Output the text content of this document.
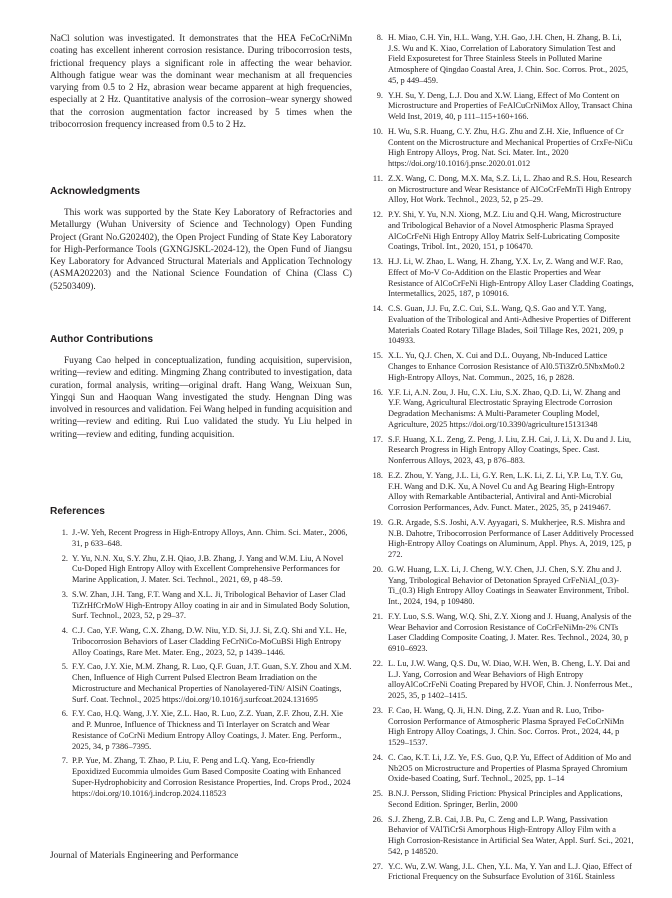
NaCl solution was investigated. It demonstrates that the HEA FeCoCrNiMn coating has excellent inherent corrosion resistance. During tribocorrosion tests, frictional frequency plays a significant role in affecting the wear behavior. Although fatigue wear was the dominant wear mechanism at all frequencies varying from 0.5 to 2 Hz, abrasion wear became apparent at high frequencies, especially at 2 Hz. Quantitative analysis of the corrosion–wear synergy showed that the corrosion augmentation factor increased by 5 times when the tribocorrosion frequency increased from 0.5 to 2 Hz.

Acknowledgments

This work was supported by the State Key Laboratory of Refractories and Metallurgy (Wuhan University of Science and Technology) Open Funding Project (Grant No.G202402), the Open Project Funding of State Key Laboratory for High-Performance Tools (GXNGJSKL-2024-12), the Open Fund of Jiangsu Key Laboratory for Advanced Structural Materials and Application Technology (ASMA202203) and the National Science Foundation of China (Class C) (52503409).

Author Contributions

Fuyang Cao helped in conceptualization, funding acquisition, supervision, writing—review and editing. Mingming Zhang contributed to investigation, data curation, formal analysis, writing—original draft. Hang Wang, Weixuan Sun, Yingqi Sun and Haoquan Wang investigated the study. Hengnan Ding was involved in resources and validation. Fei Wang helped in funding acquisition and writing—review and editing. Rui Luo validated the study. Yu Liu helped in writing—review and editing, funding acquisition.

References
1. J.-W. Yeh, Recent Progress in High-Entropy Alloys, Ann. Chim. Sci. Mater., 2006, 31, p 633–648.
2. Y. Yu, N.N. Xu, S.Y. Zhu, Z.H. Qiao, J.B. Zhang, J. Yang and W.M. Liu, A Novel Cu-Doped High Entropy Alloy with Excellent Comprehensive Performances for Marine Application, J. Mater. Sci. Technol., 2021, 69, p 48–59.
3. S.W. Zhan, J.H. Tang, F.T. Wang and X.L. Ji, Tribological Behavior of Laser Clad TiZrHfCrMoW High-Entropy Alloy coating in air and in Simulated Body Solution, Surf. Technol., 2023, 52, p 29–37.
4. C.J. Cao, Y.F. Wang, C.X. Zhang, D.W. Niu, Y.D. Si, J.J. Si, Z.Q. Shi and Y.L. He, Tribocorrosion Behaviors of Laser Cladding FeCrNiCo-MoCuBSi High Entropy Alloy Coatings, Rare Met. Mater. Eng., 2023, 52, p 1439–1446.
5. F.Y. Cao, J.Y. Xie, M.M. Zhang, R. Luo, Q.F. Guan, J.T. Guan, S.Y. Zhou and X.M. Chen, Influence of High Current Pulsed Electron Beam Irradiation on the Microstructure and Mechanical Properties of Nanolayered-TiN/ AlSiN Coatings, Surf. Coat. Technol., 2025 https://doi.org/10.1016/j.surfcoat.2024.131695
6. F.Y. Cao, H.Q. Wang, J.Y. Xie, Z.L. Hao, R. Luo, Z.Z. Yuan, Z.F. Zhou, Z.H. Xie and P. Munroe, Influence of Thickness and Ti Interlayer on Scratch and Wear Resistance of CoCrNi Medium Entropy Alloy Coatings, J. Mater. Eng. Perform., 2025, 34, p 7386–7395.
7. P.P. Yue, M. Zhang, T. Zhao, P. Liu, F. Peng and L.Q. Yang, Eco-friendly Epoxidized Eucommia ulmoides Gum Based Composite Coating with Enhanced Super-Hydrophobicity and Corrosion Resistance Properties, Ind. Crops Prod., 2024 https://doi.org/10.1016/j.indcrop.2024.118523
8. H. Miao, C.H. Yin, H.L. Wang, Y.H. Gao, J.H. Chen, H. Zhang, B. Li, J.S. Wu and K. Xiao, Correlation of Laboratory Simulation Test and Field Exposuretest for Three Stainless Steels in Polluted Marine Atmosphere of Qingdao Coastal Area, J. Chin. Soc. Corros. Prot., 2025, 45, p 449–459.
9. Y.H. Su, Y. Deng, L.J. Dou and X.W. Liang, Effect of Mo Content on Microstructure and Properties of FeAlCuCrNiMox Alloy, Transact China Weld Inst, 2019, 40, p 111–115+160+166.
10. H. Wu, S.R. Huang, C.Y. Zhu, H.G. Zhu and Z.H. Xie, Influence of Cr Content on the Microstructure and Mechanical Properties of CrxFe-NiCu High Entropy Alloys, Prog. Nat. Sci. Mater. Int., 2020 https://doi.org/10.1016/j.pnsc.2020.01.012
11. Z.X. Wang, C. Dong, M.X. Ma, S.Z. Li, L. Zhao and R.S. Hou, Research on Microstructure and Wear Resistance of AlCoCrFeMnTi High Entropy Alloy, Hot Work. Technol., 2023, 52, p 25–29.
12. P.Y. Shi, Y. Yu, N.N. Xiong, M.Z. Liu and Q.H. Wang, Microstructure and Tribological Behavior of a Novel Atmospheric Plasma Sprayed AlCoCrFeNi High Entropy Alloy Matrix Self-Lubricating Composite Coatings, Tribol. Int., 2020, 151, p 106470.
13. H.J. Li, W. Zhao, L. Wang, H. Zhang, Y.X. Lv, Z. Wang and W.F. Rao, Effect of Mo-V Co-Addition on the Elastic Properties and Wear Resistance of AlCoCrFeNi High-Entropy Alloy Laser Cladding Coatings, Intermetallics, 2025, 187, p 109016.
14. C.S. Guan, J.J. Fu, Z.C. Cui, S.L. Wang, Q.S. Gao and Y.T. Yang, Evaluation of the Tribological and Anti-Adhesive Properties of Different Materials Coated Rotary Tillage Blades, Soil Tillage Res, 2021, 209, p 104933.
15. X.L. Yu, Q.J. Chen, X. Cui and D.L. Ouyang, Nb-Induced Lattice Changes to Enhance Corrosion Resistance of Al0.5Ti3Zr0.5NbxMo0.2 High-Entropy Alloys, Nat. Commun., 2025, 16, p 2828.
16. Y.F. Li, A.N. Zou, J. Hu, C.X. Liu, S.X. Zhao, Q.D. Li, W. Zhang and Y.F. Wang, Agricultural Electrostatic Spraying Electrode Corrosion Degradation Mechanisms: A Multi-Parameter Coupling Model, Agriculture, 2025 https://doi.org/10.3390/agriculture15131348
17. S.F. Huang, X.L. Zeng, Z. Peng, J. Liu, Z.H. Cai, J. Li, X. Du and J. Liu, Research Progress in High Entropy Alloy Coatings, Spec. Cast. Nonferrous Alloys, 2023, 43, p 876–883.
18. E.Z. Zhou, Y. Yang, J.L. Li, G.Y. Ren, L.K. Li, Z. Li, Y.P. Lu, T.Y. Gu, F.H. Wang and D.K. Xu, A Novel Cu and Ag Bearing High-Entropy Alloy with Remarkable Antibacterial, Antiviral and Anti-Microbial Corrosion Performances, Adv. Funct. Mater., 2025, 35, p 2419467.
19. G.R. Argade, S.S. Joshi, A.V. Ayyagari, S. Mukherjee, R.S. Mishra and N.B. Dahotre, Tribocorrosion Performance of Laser Additively Processed High-Entropy Alloy Coatings on Aluminum, Appl. Phys. A, 2019, 125, p 272.
20. G.W. Huang, L.X. Li, J. Cheng, W.Y. Chen, J.J. Chen, S.Y. Zhu and J. Yang, Tribological Behavior of Detonation Sprayed CrFeNiAl_(0.3)-Ti_(0.3) High Entropy Alloy Coatings in Seawater Environment, Tribol. Int., 2024, 194, p 109480.
21. F.Y. Luo, S.S. Wang, W.Q. Shi, Z.Y. Xiong and J. Huang, Analysis of the Wear Behavior and Corrosion Resistance of CoCrFeNiMn-2% CNTs Laser Cladding Composite Coating, J. Mater. Res. Technol., 2024, 30, p 6910–6923.
22. L. Lu, J.W. Wang, Q.S. Du, W. Diao, W.H. Wen, B. Cheng, L.Y. Dai and L.J. Yang, Corrosion and Wear Behaviors of High Entropy alloyAlCoCrFeNi Coating Prepared by HVOF, Chin. J. Nonferrous Met., 2025, 35, p 1402–1415.
23. F. Cao, H. Wang, Q. Ji, H.N. Ding, Z.Z. Yuan and R. Luo, Tribo-Corrosion Performance of Atmospheric Plasma Sprayed FeCoCrNiMn High Entropy Alloy Coatings, J. Chin. Soc. Corros. Prot., 2024, 44, p 1529–1537.
24. C. Cao, K.T. Li, J.Z. Ye, F.S. Guo, Q.P. Yu, Effect of Addition of Mo and Nb2O5 on Microstructure and Properties of Plasma Sprayed Chromium Oxide-based Coating, Surf. Technol., 2025, pp. 1–14
25. B.N.J. Persson, Sliding Friction: Physical Principles and Applications, Second Edition. Springer, Berlin, 2000
26. S.J. Zheng, Z.B. Cai, J.B. Pu, C. Zeng and L.P. Wang, Passivation Behavior of VAlTiCrSi Amorphous High-Entropy Alloy Film with a High Corrosion-Resistance in Artificial Sea Water, Appl. Surf. Sci., 2021, 542, p 148520.
27. Y.C. Wu, Z.W. Wang, J.L. Chen, Y.L. Ma, Y. Yan and L.J. Qiao, Effect of Frictional Frequency on the Subsurface Evolution of 316L Stainless
Journal of Materials Engineering and Performance
